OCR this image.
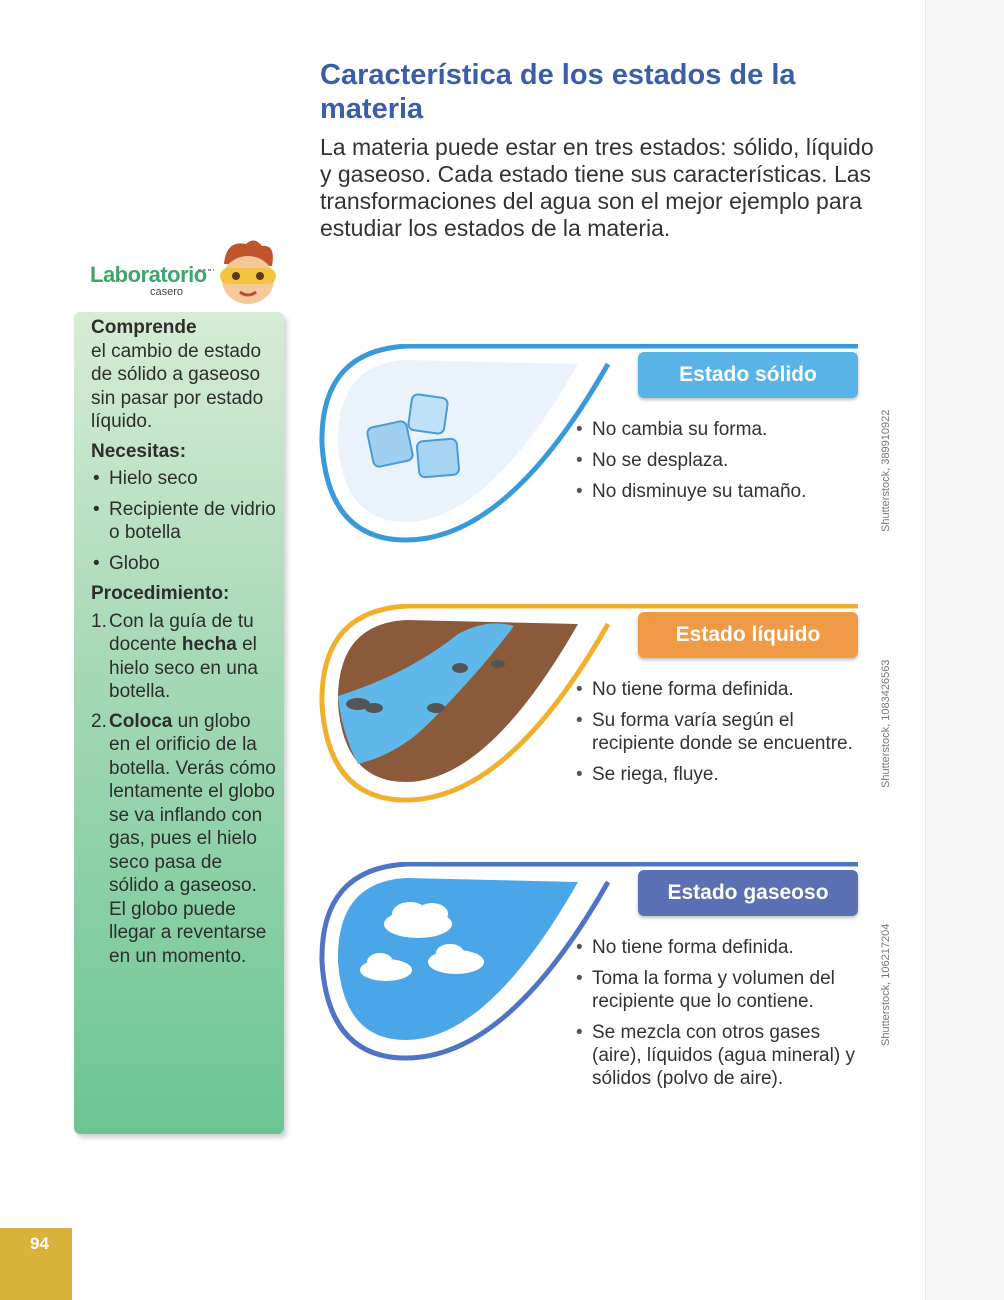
Característica de los estados de la materia

La materia puede estar en tres estados: sólido, líquido y gaseoso. Cada estado tiene sus características. Las transformaciones del agua son el mejor ejemplo para estudiar los estados de la materia.

Laboratorio
casero

Comprende
el cambio de estado de sólido a gaseoso sin pasar por estado líquido.

Necesitas:

• Hielo seco
• Recipiente de vidrio o botella
• Globo

Procedimiento:

1. Con la guía de tu docente hecha el hielo seco en una botella.
2. Coloca un globo en el orificio de la botella. Verás cómo lentamente el globo se va inflando con gas, pues el hielo seco pasa de sólido a gaseoso. El globo puede llegar a reventarse en un momento.
Estado sólido
• No cambia su forma.
• No se desplaza.
• No disminuye su tamaño.	Shutterstock, 389910922
Estado líquido
• No tiene forma definida.
• Su forma varía según el recipiente donde se encuentre.
• Se riega, fluye.	Shutterstock, 1083426563
Estado gaseoso
• No tiene forma definida.
• Toma la forma y volumen del recipiente que lo contiene.
• Se mezcla con otros gases (aire), líquidos (agua mineral) y sólidos (polvo de aire).
Shutterstock, 106217204
94
